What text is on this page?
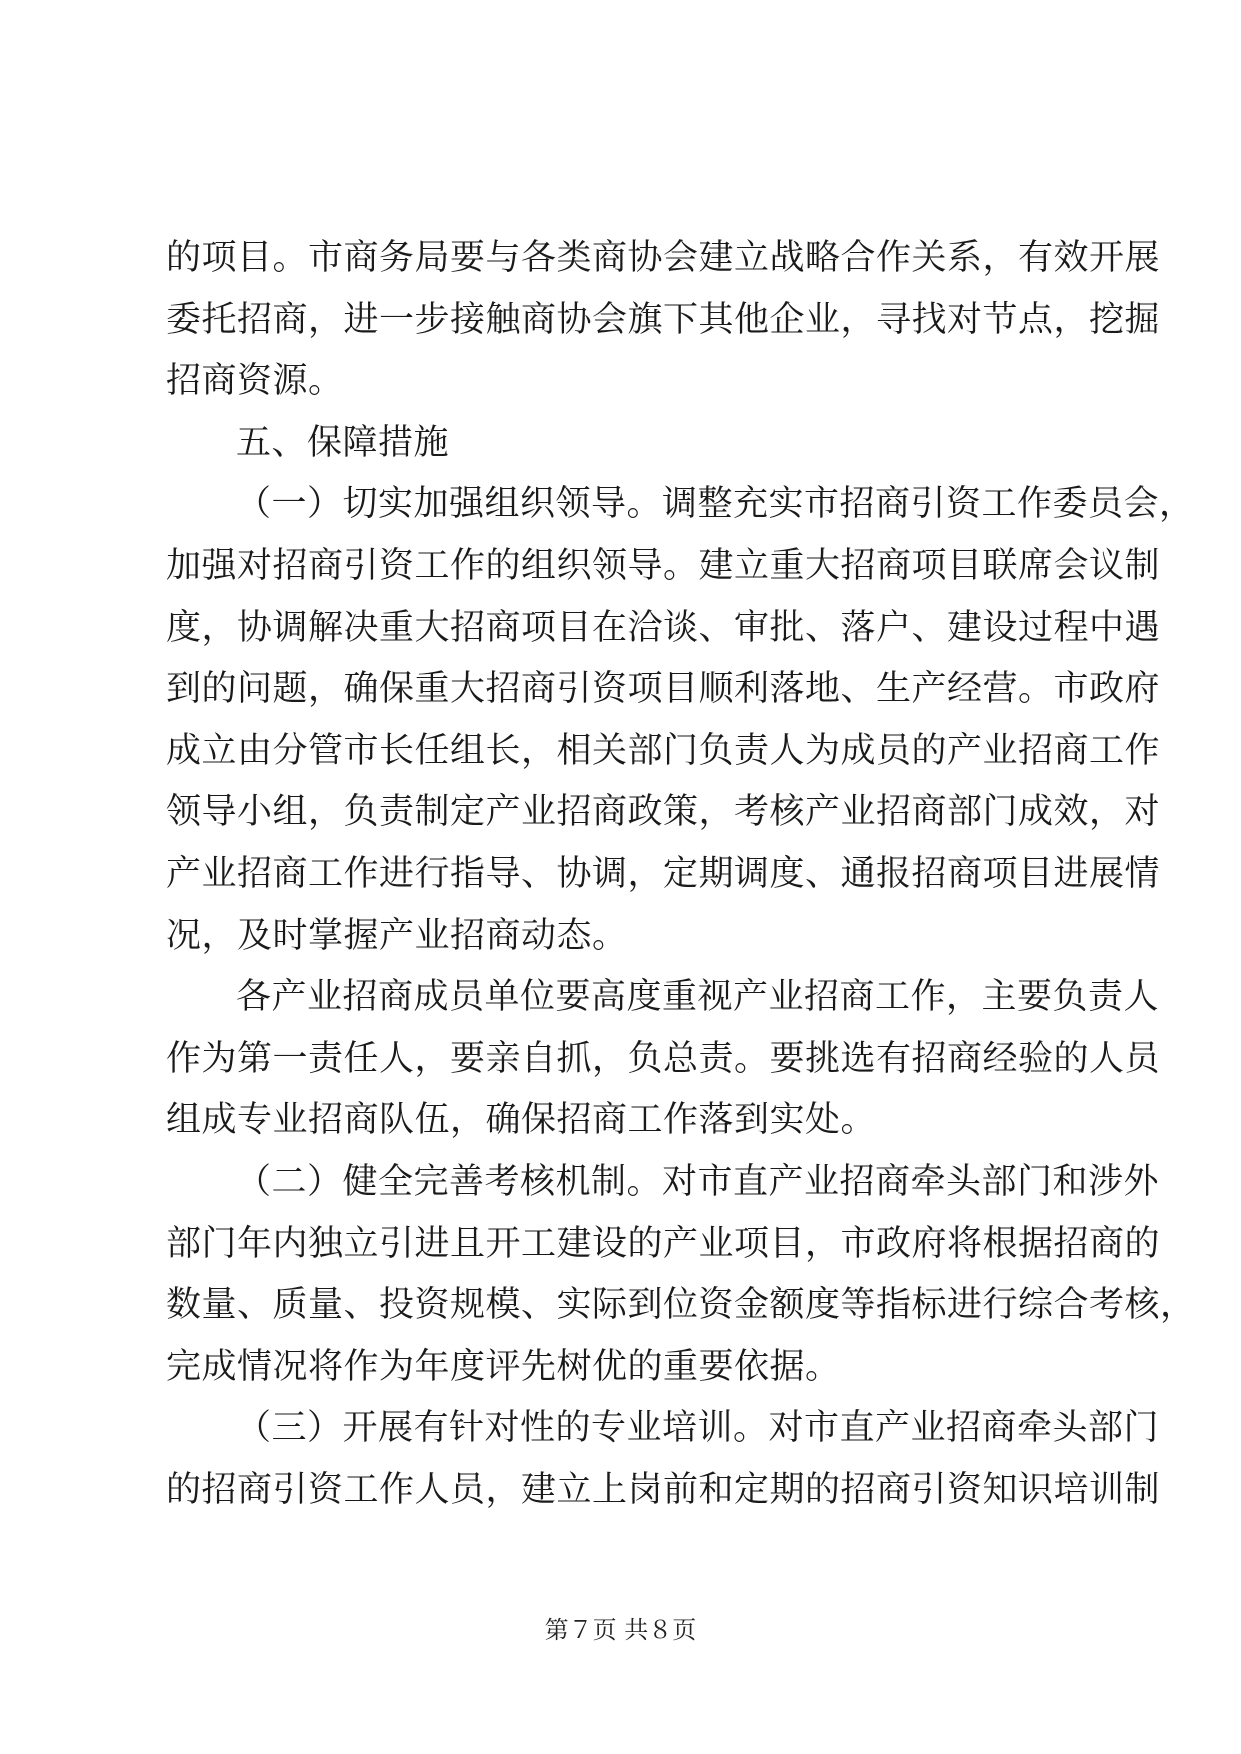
的项目。市商务局要与各类商协会建立战略合作关系，有效开展
委托招商，进一步接触商协会旗下其他企业，寻找对节点，挖掘
招商资源。
五、保障措施
（一）切实加强组织领导。调整充实市招商引资工作委员会，
加强对招商引资工作的组织领导。建立重大招商项目联席会议制
度，协调解决重大招商项目在洽谈、审批、落户、建设过程中遇
到的问题，确保重大招商引资项目顺利落地、生产经营。市政府
成立由分管市长任组长，相关部门负责人为成员的产业招商工作
领导小组，负责制定产业招商政策，考核产业招商部门成效，对
产业招商工作进行指导、协调，定期调度、通报招商项目进展情
况，及时掌握产业招商动态。
各产业招商成员单位要高度重视产业招商工作，主要负责人
作为第一责任人，要亲自抓，负总责。要挑选有招商经验的人员
组成专业招商队伍，确保招商工作落到实处。
（二）健全完善考核机制。对市直产业招商牵头部门和涉外
部门年内独立引进且开工建设的产业项目，市政府将根据招商的
数量、质量、投资规模、实际到位资金额度等指标进行综合考核，
完成情况将作为年度评先树优的重要依据。
（三）开展有针对性的专业培训。对市直产业招商牵头部门
的招商引资工作人员，建立上岗前和定期的招商引资知识培训制
第７页 共８页
